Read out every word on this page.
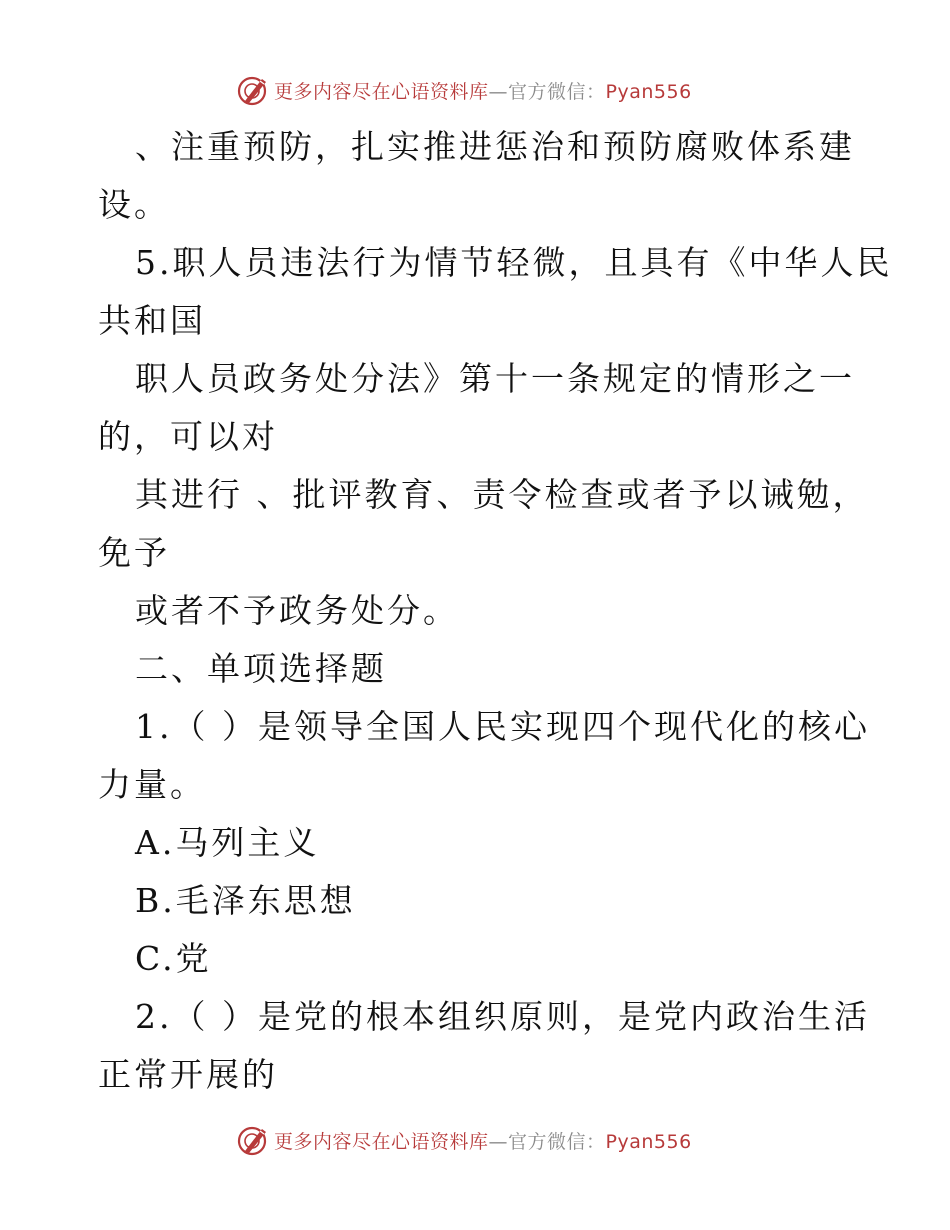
更多内容尽在心语资料库—官方微信：Pyan556
、注重预防，扎实推进惩治和预防腐败体系建
设。
5.职人员违法行为情节轻微，且具有《中华人民
共和国
职人员政务处分法》第十一条规定的情形之一
的，可以对
其进行 、批评教育、责令检查或者予以诫勉，
免予
或者不予政务处分。
二、单项选择题
1.（ ）是领导全国人民实现四个现代化的核心
力量。
A.马列主义
B.毛泽东思想
C.党
2.（ ）是党的根本组织原则，是党内政治生活
正常开展的
更多内容尽在心语资料库—官方微信：Pyan556
